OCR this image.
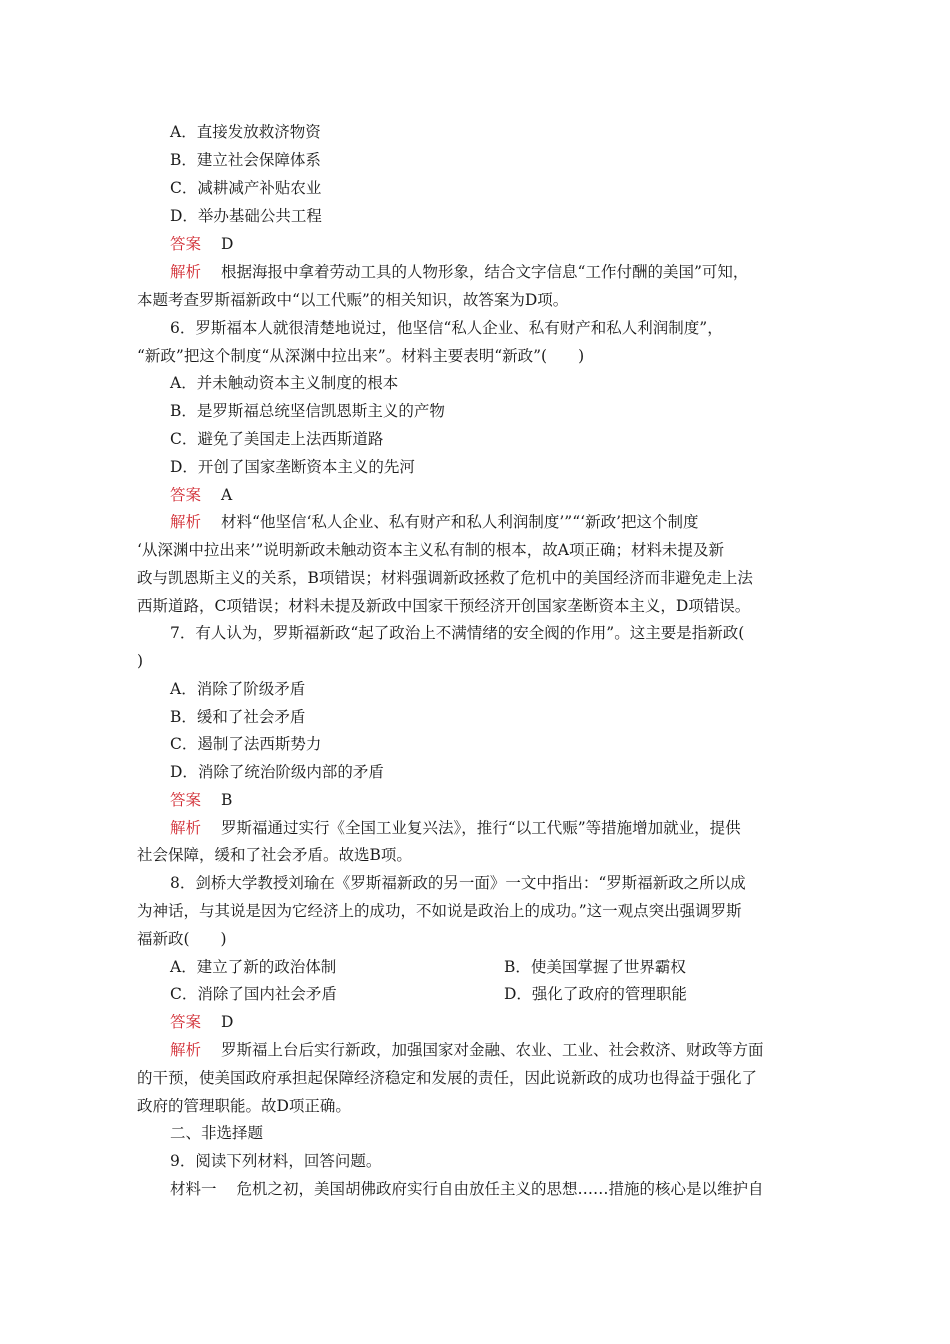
A．直接发放救济物资
B．建立社会保障体系
C．减耕减产补贴农业
D．举办基础公共工程
答案 D
解析 根据海报中拿着劳动工具的人物形象，结合文字信息“工作付酬的美国”可知，
本题考查罗斯福新政中“以工代赈”的相关知识，故答案为D项。
6．罗斯福本人就很清楚地说过，他坚信“私人企业、私有财产和私人利润制度”，
“新政”把这个制度“从深渊中拉出来”。材料主要表明“新政”(　　)
A．并未触动资本主义制度的根本
B．是罗斯福总统坚信凯恩斯主义的产物
C．避免了美国走上法西斯道路
D．开创了国家垄断资本主义的先河
答案 A
解析 材料“他坚信‘私人企业、私有财产和私人利润制度’”“‘新政’把这个制度
‘从深渊中拉出来’”说明新政未触动资本主义私有制的根本，故A项正确；材料未提及新
政与凯恩斯主义的关系，B项错误；材料强调新政拯救了危机中的美国经济而非避免走上法
西斯道路，C项错误；材料未提及新政中国家干预经济开创国家垄断资本主义，D项错误。
7．有人认为，罗斯福新政“起了政治上不满情绪的安全阀的作用”。这主要是指新政(
)
A．消除了阶级矛盾
B．缓和了社会矛盾
C．遏制了法西斯势力
D．消除了统治阶级内部的矛盾
答案 B
解析 罗斯福通过实行《全国工业复兴法》，推行“以工代赈”等措施增加就业，提供
社会保障，缓和了社会矛盾。故选B项。
8．剑桥大学教授刘瑜在《罗斯福新政的另一面》一文中指出：“罗斯福新政之所以成
为神话，与其说是因为它经济上的成功，不如说是政治上的成功。”这一观点突出强调罗斯
福新政(　　)
A．建立了新的政治体制	B．使美国掌握了世界霸权
C．消除了国内社会矛盾	D．强化了政府的管理职能
答案 D
解析 罗斯福上台后实行新政，加强国家对金融、农业、工业、社会救济、财政等方面
的干预，使美国政府承担起保障经济稳定和发展的责任，因此说新政的成功也得益于强化了
政府的管理职能。故D项正确。
二、非选择题
9．阅读下列材料，回答问题。
材料一 危机之初，美国胡佛政府实行自由放任主义的思想……措施的核心是以维护自
